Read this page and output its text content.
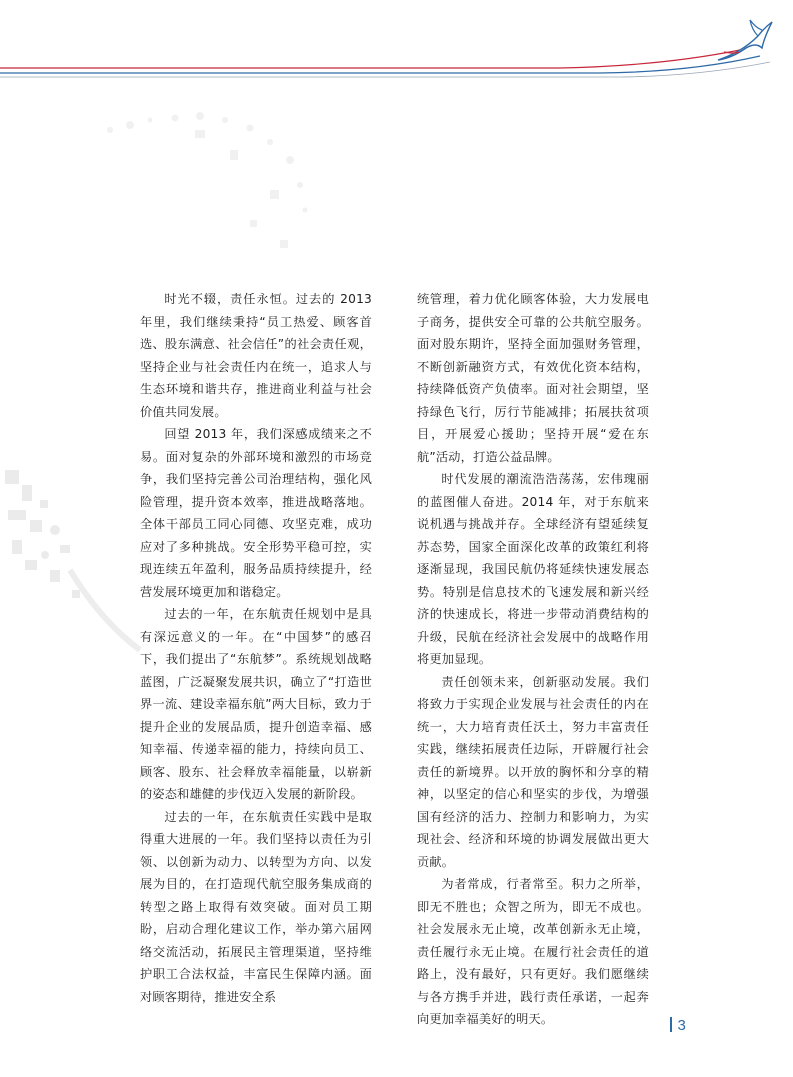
时光不辍，责任永恒。过去的 2013 年里，我们继续秉持“员工热爱、顾客首选、股东满意、社会信任”的社会责任观，坚持企业与社会责任内在统一，追求人与生态环境和谐共存，推进商业利益与社会价值共同发展。

回望 2013 年，我们深感成绩来之不易。面对复杂的外部环境和激烈的市场竞争，我们坚持完善公司治理结构，强化风险管理，提升资本效率，推进战略落地。全体干部员工同心同德、攻坚克难，成功应对了多种挑战。安全形势平稳可控，实现连续五年盈利，服务品质持续提升，经营发展环境更加和谐稳定。

过去的一年，在东航责任规划中是具有深远意义的一年。在“中国梦”的感召下，我们提出了“东航梦”。系统规划战略蓝图，广泛凝聚发展共识，确立了“打造世界一流、建设幸福东航”两大目标，致力于提升企业的发展品质，提升创造幸福、感知幸福、传递幸福的能力，持续向员工、顾客、股东、社会释放幸福能量，以崭新的姿态和雄健的步伐迈入发展的新阶段。

过去的一年，在东航责任实践中是取得重大进展的一年。我们坚持以责任为引领、以创新为动力、以转型为方向、以发展为目的，在打造现代航空服务集成商的转型之路上取得有效突破。面对员工期盼，启动合理化建议工作，举办第六届网络交流活动，拓展民主管理渠道，坚持维护职工合法权益，丰富民生保障内涵。面对顾客期待，推进安全系

统管理，着力优化顾客体验，大力发展电子商务，提供安全可靠的公共航空服务。面对股东期许，坚持全面加强财务管理，不断创新融资方式，有效优化资本结构，持续降低资产负债率。面对社会期望，坚持绿色飞行，厉行节能减排；拓展扶贫项目，开展爱心援助；坚持开展“爱在东航”活动，打造公益品牌。

时代发展的潮流浩浩荡荡，宏伟瑰丽的蓝图催人奋进。2014 年，对于东航来说机遇与挑战并存。全球经济有望延续复苏态势，国家全面深化改革的政策红利将逐渐显现，我国民航仍将延续快速发展态势。特别是信息技术的飞速发展和新兴经济的快速成长，将进一步带动消费结构的升级，民航在经济社会发展中的战略作用将更加显现。

责任创领未来，创新驱动发展。我们将致力于实现企业发展与社会责任的内在统一，大力培育责任沃土，努力丰富责任实践，继续拓展责任边际，开辟履行社会责任的新境界。以开放的胸怀和分享的精神，以坚定的信心和坚实的步伐，为增强国有经济的活力、控制力和影响力，为实现社会、经济和环境的协调发展做出更大贡献。

为者常成，行者常至。积力之所举，即无不胜也；众智之所为，即无不成也。社会发展永无止境，改革创新永无止境，责任履行永无止境。在履行社会责任的道路上，没有最好，只有更好。我们愿继续与各方携手并进，践行责任承诺，一起奔向更加幸福美好的明天。	3
